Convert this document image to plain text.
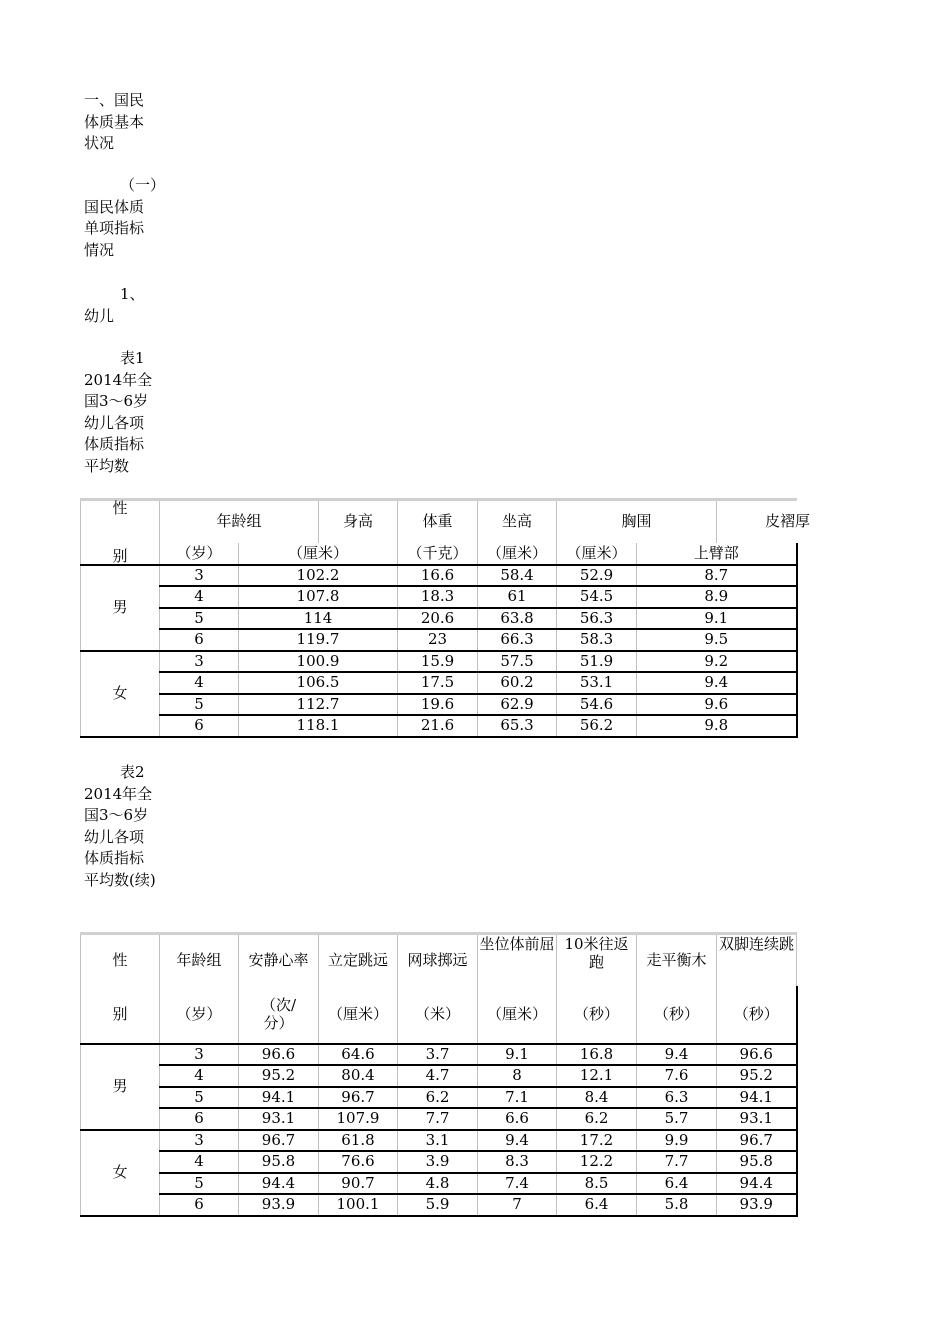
一、国民体质基本状况
（一）国民体质单项指标情况
1、幼儿
表1 2014年全国3～6岁幼儿各项体质指标平均数
性	年龄组		身高	体重	坐高	胸围		皮褶厚	
别	（岁）	（厘米）		（千克）	（厘米）	（厘米）	上臂部		
男	3	102.2		16.6	58.4	52.9	8.7		
	4	107.8		18.3	61	54.5	8.9		
	5	114		20.6	63.8	56.3	9.1		
	6	119.7		23	66.3	58.3	9.5		
女	3	100.9		15.9	57.5	51.9	9.2		
	4	106.5		17.5	60.2	53.1	9.4		
	5	112.7		19.6	62.9	54.6	9.6		
	6	118.1		21.6	65.3	56.2	9.8		
表2 2014年全国3～6岁幼儿各项体质指标平均数(续)
性	年龄组	安静心率	立定跳远	网球掷远	坐位体前屈	10米往返跑	走平衡木	双脚连续跳
别	（岁）	（次/分）	（厘米）	（米）	（厘米）	（秒）	（秒）	（秒）
男	3	96.6	64.6	3.7	9.1	16.8	9.4	96.6
	4	95.2	80.4	4.7	8	12.1	7.6	95.2
	5	94.1	96.7	6.2	7.1	8.4	6.3	94.1
	6	93.1	107.9	7.7	6.6	6.2	5.7	93.1
女	3	96.7	61.8	3.1	9.4	17.2	9.9	96.7
	4	95.8	76.6	3.9	8.3	12.2	7.7	95.8
	5	94.4	90.7	4.8	7.4	8.5	6.4	94.4
	6	93.9	100.1	5.9	7	6.4	5.8	93.9
